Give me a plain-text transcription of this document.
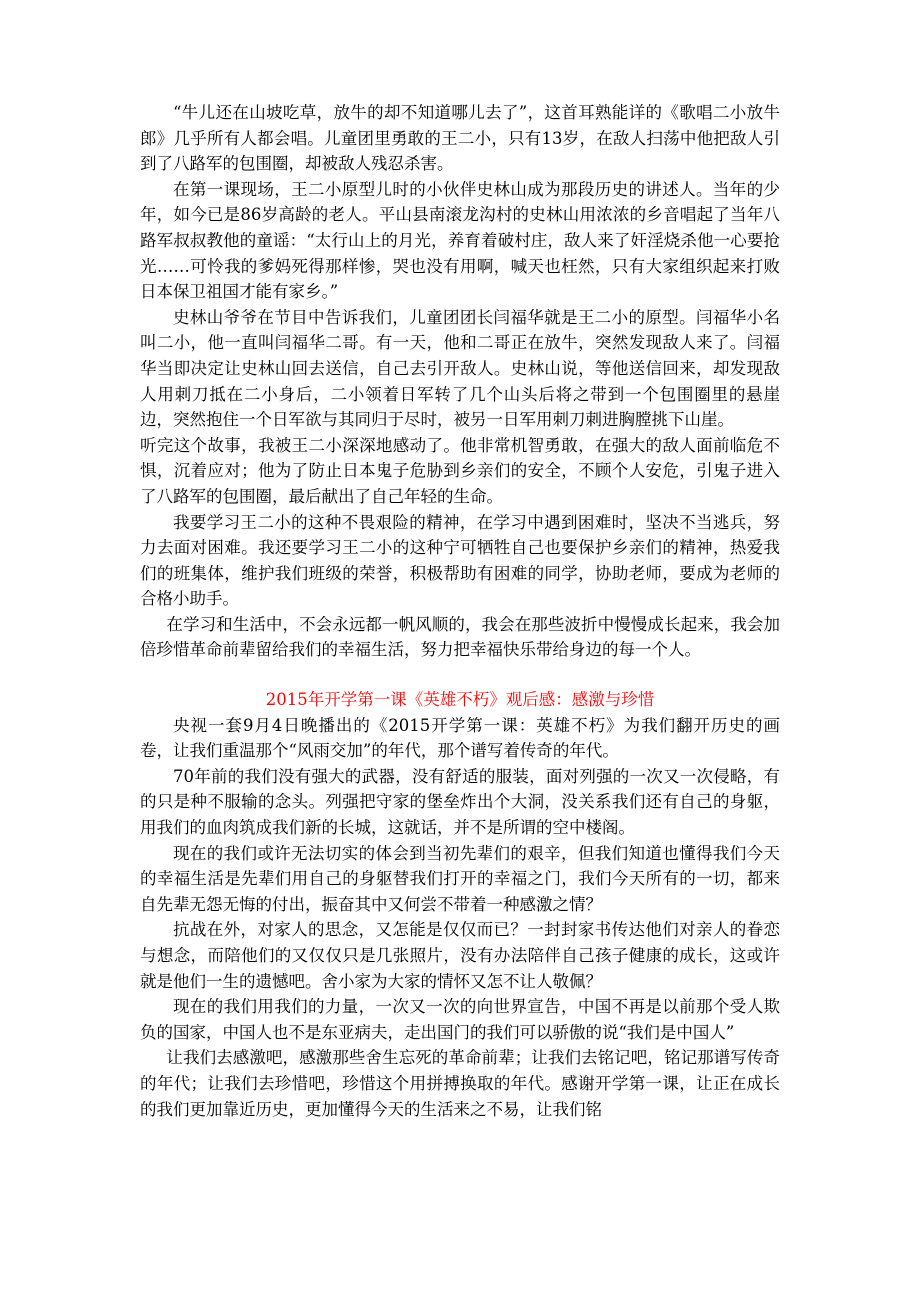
“牛儿还在山坡吃草，放牛的却不知道哪儿去了”，这首耳熟能详的《歌唱二小放牛郎》几乎所有人都会唱。儿童团里勇敢的王二小，只有13岁，在敌人扫荡中他把敌人引到了八路军的包围圈，却被敌人残忍杀害。

在第一课现场，王二小原型儿时的小伙伴史林山成为那段历史的讲述人。当年的少年，如今已是86岁高龄的老人。平山县南滚龙沟村的史林山用浓浓的乡音唱起了当年八路军叔叔教他的童谣：“太行山上的月光，养育着破村庄，敌人来了奸淫烧杀他一心要抢光……可怜我的爹妈死得那样惨，哭也没有用啊，喊天也枉然，只有大家组织起来打败日本保卫祖国才能有家乡。”

史林山爷爷在节目中告诉我们，儿童团团长闫福华就是王二小的原型。闫福华小名叫二小，他一直叫闫福华二哥。有一天，他和二哥正在放牛，突然发现敌人来了。闫福华当即决定让史林山回去送信，自己去引开敌人。史林山说，等他送信回来，却发现敌人用刺刀抵在二小身后，二小领着日军转了几个山头后将之带到一个包围圈里的悬崖边，突然抱住一个日军欲与其同归于尽时，被另一日军用刺刀刺进胸膛挑下山崖。

听完这个故事，我被王二小深深地感动了。他非常机智勇敢，在强大的敌人面前临危不惧，沉着应对；他为了防止日本鬼子危胁到乡亲们的安全，不顾个人安危，引鬼子进入了八路军的包围圈，最后献出了自己年轻的生命。

我要学习王二小的这种不畏艰险的精神，在学习中遇到困难时，坚决不当逃兵，努力去面对困难。我还要学习王二小的这种宁可牺牲自己也要保护乡亲们的精神，热爱我们的班集体，维护我们班级的荣誉，积极帮助有困难的同学，协助老师，要成为老师的合格小助手。

在学习和生活中，不会永远都一帆风顺的，我会在那些波折中慢慢成长起来，我会加倍珍惜革命前辈留给我们的幸福生活，努力把幸福快乐带给身边的每一个人。

2015年开学第一课《英雄不朽》观后感：感激与珍惜

央视一套9月4日晚播出的《2015开学第一课：英雄不朽》为我们翻开历史的画卷，让我们重温那个“风雨交加”的年代，那个谱写着传奇的年代。

70年前的我们没有强大的武器，没有舒适的服装，面对列强的一次又一次侵略，有的只是种不服输的念头。列强把守家的堡垒炸出个大洞，没关系我们还有自己的身躯，用我们的血肉筑成我们新的长城，这就话，并不是所谓的空中楼阁。

现在的我们或许无法切实的体会到当初先辈们的艰辛，但我们知道也懂得我们今天的幸福生活是先辈们用自己的身躯替我们打开的幸福之门，我们今天所有的一切，都来自先辈无怨无悔的付出，振奋其中又何尝不带着一种感激之情？

抗战在外，对家人的思念，又怎能是仅仅而已？一封封家书传达他们对亲人的眷恋与想念，而陪他们的又仅仅只是几张照片，没有办法陪伴自己孩子健康的成长，这或许就是他们一生的遗憾吧。舍小家为大家的情怀又怎不让人敬佩？

现在的我们用我们的力量，一次又一次的向世界宣告，中国不再是以前那个受人欺负的国家，中国人也不是东亚病夫，走出国门的我们可以骄傲的说“我们是中国人”

让我们去感激吧，感激那些舍生忘死的革命前辈；让我们去铭记吧，铭记那谱写传奇的年代；让我们去珍惜吧，珍惜这个用拼搏换取的年代。感谢开学第一课，让正在成长的我们更加靠近历史，更加懂得今天的生活来之不易，让我们铭
